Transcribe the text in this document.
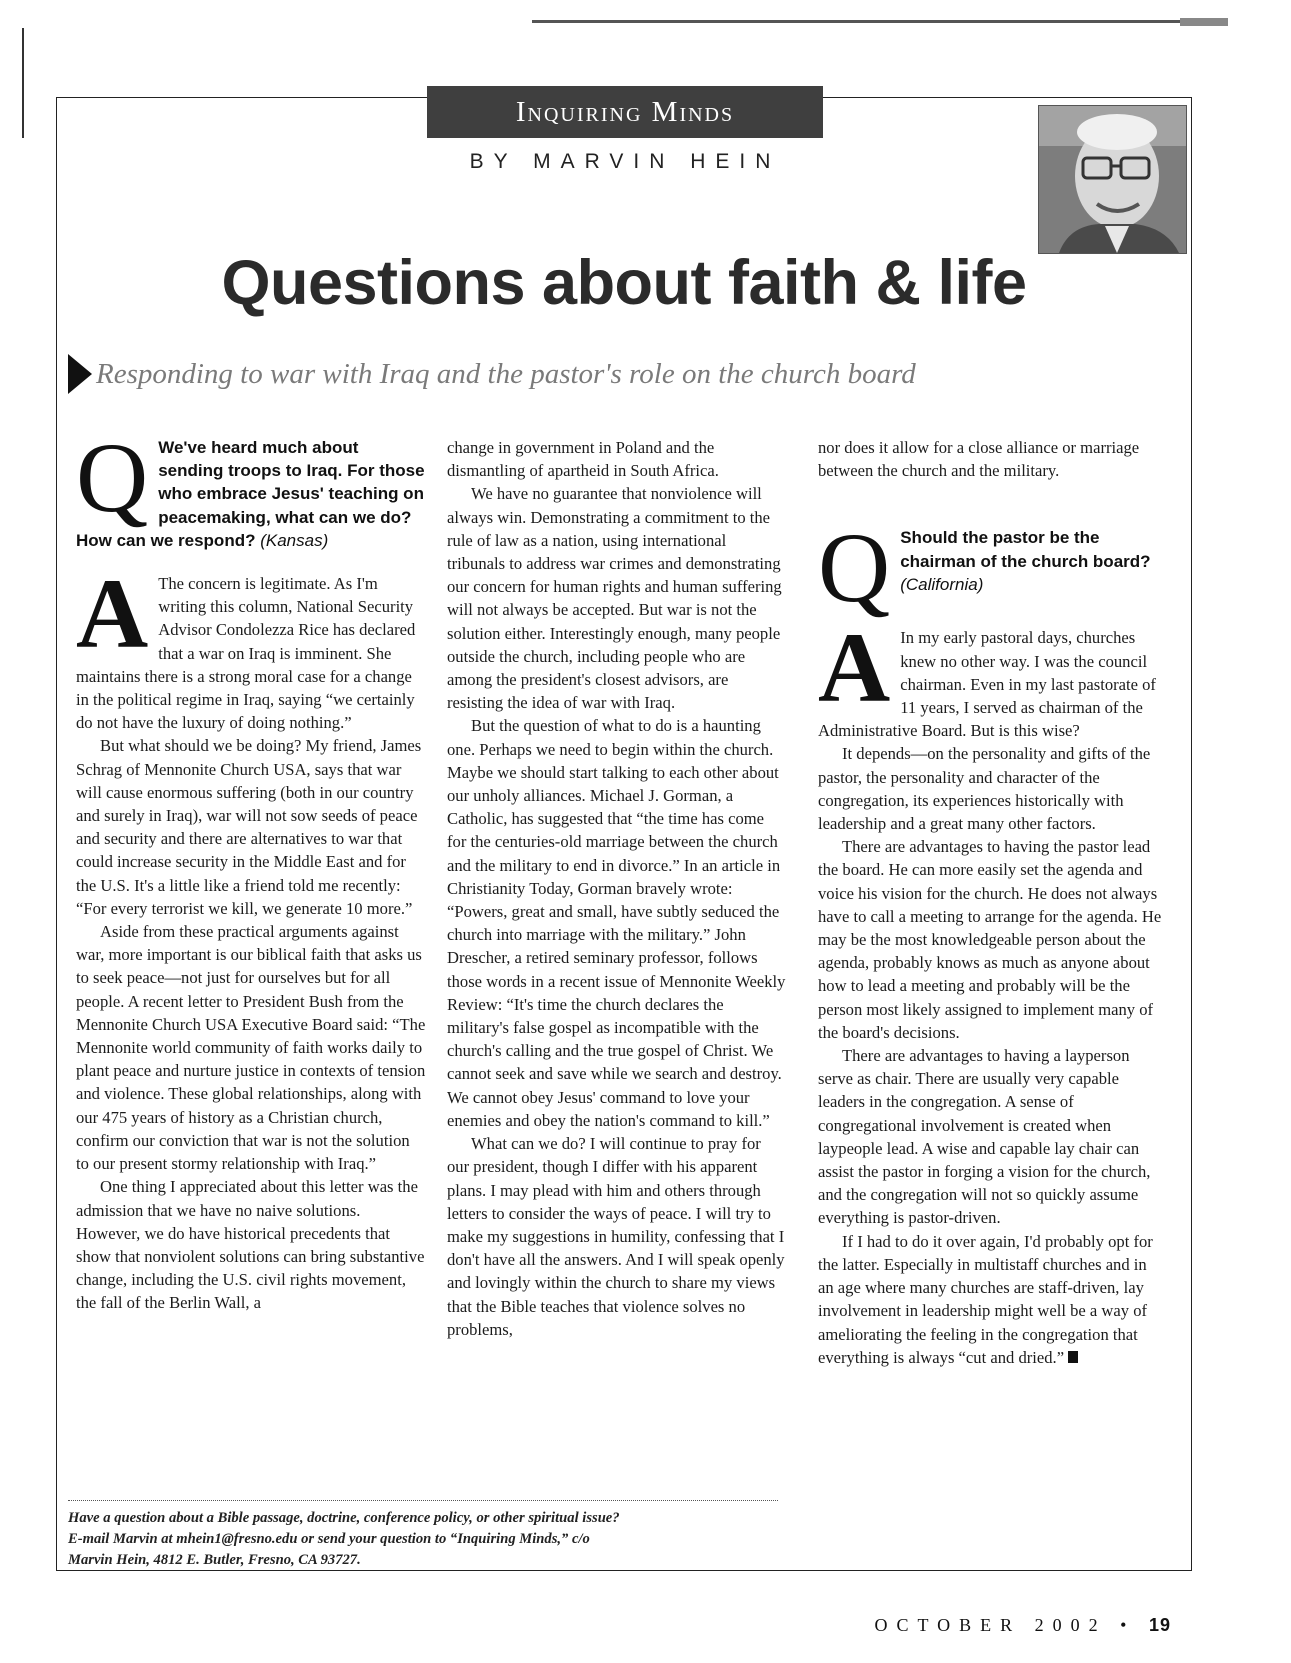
Inquiring Minds
BY MARVIN HEIN
Questions about faith & life
Responding to war with Iraq and the pastor's role on the church board
Q We've heard much about sending troops to Iraq. For those who embrace Jesus' teaching on peacemaking, what can we do? How can we respond? (Kansas)
A The concern is legitimate. As I'm writing this column, National Security Advisor Condolezza Rice has declared that a war on Iraq is imminent. She maintains there is a strong moral case for a change in the political regime in Iraq, saying “we certainly do not have the luxury of doing nothing.”

But what should we be doing? My friend, James Schrag of Mennonite Church USA, says that war will cause enormous suffering (both in our country and surely in Iraq), war will not sow seeds of peace and security and there are alternatives to war that could increase security in the Middle East and for the U.S. It's a little like a friend told me recently: “For every terrorist we kill, we generate 10 more.”

Aside from these practical arguments against war, more important is our biblical faith that asks us to seek peace—not just for ourselves but for all people. A recent letter to President Bush from the Mennonite Church USA Executive Board said: “The Mennonite world community of faith works daily to plant peace and nurture justice in contexts of tension and violence. These global relationships, along with our 475 years of history as a Christian church, confirm our conviction that war is not the solution to our present stormy relationship with Iraq.”

One thing I appreciated about this letter was the admission that we have no naive solutions. However, we do have historical precedents that show that nonviolent solutions can bring substantive change, including the U.S. civil rights movement, the fall of the Berlin Wall, a

change in government in Poland and the dismantling of apartheid in South Africa.

We have no guarantee that nonviolence will always win. Demonstrating a commitment to the rule of law as a nation, using international tribunals to address war crimes and demonstrating our concern for human rights and human suffering will not always be accepted. But war is not the solution either. Interestingly enough, many people outside the church, including people who are among the president's closest advisors, are resisting the idea of war with Iraq.

But the question of what to do is a haunting one. Perhaps we need to begin within the church. Maybe we should start talking to each other about our unholy alliances. Michael J. Gorman, a Catholic, has suggested that “the time has come for the centuries-old marriage between the church and the military to end in divorce.” In an article in Christianity Today, Gorman bravely wrote: “Powers, great and small, have subtly seduced the church into marriage with the military.” John Drescher, a retired seminary professor, follows those words in a recent issue of Mennonite Weekly Review: “It's time the church declares the military's false gospel as incompatible with the church's calling and the true gospel of Christ. We cannot seek and save while we search and destroy. We cannot obey Jesus' command to love your enemies and obey the nation's command to kill.”

What can we do? I will continue to pray for our president, though I differ with his apparent plans. I may plead with him and others through letters to consider the ways of peace. I will try to make my suggestions in humility, confessing that I don't have all the answers. And I will speak openly and lovingly within the church to share my views that the Bible teaches that violence solves no problems,

nor does it allow for a close alliance or marriage between the church and the military.

Q Should the pastor be the chairman of the church board? (California)
A In my early pastoral days, churches knew no other way. I was the council chairman. Even in my last pastorate of 11 years, I served as chairman of the Administrative Board. But is this wise?

It depends—on the personality and gifts of the pastor, the personality and character of the congregation, its experiences historically with leadership and a great many other factors.

There are advantages to having the pastor lead the board. He can more easily set the agenda and voice his vision for the church. He does not always have to call a meeting to arrange for the agenda. He may be the most knowledgeable person about the agenda, probably knows as much as anyone about how to lead a meeting and probably will be the person most likely assigned to implement many of the board's decisions.

There are advantages to having a layperson serve as chair. There are usually very capable leaders in the congregation. A sense of congregational involvement is created when laypeople lead. A wise and capable lay chair can assist the pastor in forging a vision for the church, and the congregation will not so quickly assume everything is pastor-driven.

If I had to do it over again, I'd probably opt for the latter. Especially in multistaff churches and in an age where many churches are staff-driven, lay involvement in leadership might well be a way of ameliorating the feeling in the congregation that everything is always “cut and dried.”

Have a question about a Bible passage, doctrine, conference policy, or other spiritual issue?
E-mail Marvin at mhein1@fresno.edu or send your question to “Inquiring Minds,” c/o
Marvin Hein, 4812 E. Butler, Fresno, CA 93727.
OCTOBER 2002 • 19
